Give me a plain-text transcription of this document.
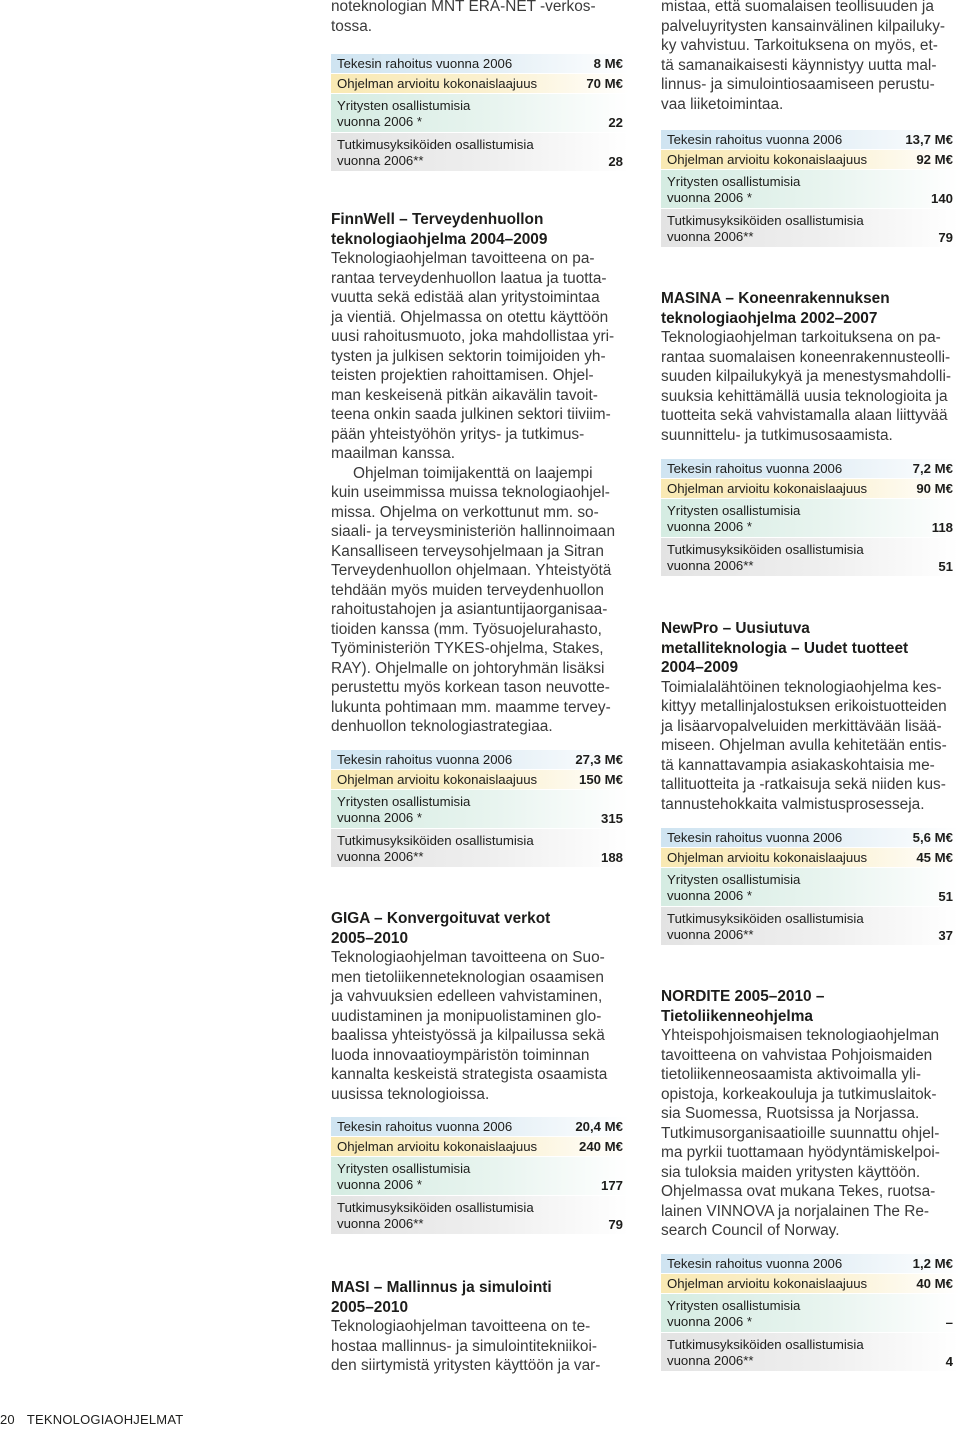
noteknologian MNT ERA-NET -verkos-
tossa.

Tekesin rahoitus vuonna 2006	8 M€
Ohjelman arvioitu kokonaislaajuus	70 M€
Yritysten osallistumisia
vuonna 2006 *	22
Tutkimusyksiköiden osallistumisia
vuonna 2006**	28

FinnWell – Terveydenhuollon
teknologiaohjelma 2004–2009

Teknologiaohjelman tavoitteena on pa-
rantaa terveydenhuollon laatua ja tuotta-
vuutta sekä edistää alan yritystoimintaa
ja vientiä. Ohjelmassa on otettu käyttöön
uusi rahoitusmuoto, joka mahdollistaa yri-
tysten ja julkisen sektorin toimijoiden yh-
teisten projektien rahoittamisen. Ohjel-
man keskeisenä pitkän aikavälin tavoit-
teena onkin saada julkinen sektori tiiviim-
pään yhteistyöhön yritys- ja tutkimus-
maailman kanssa.

Ohjelman toimijakenttä on laajempi
kuin useimmissa muissa teknologiaohjel-
missa. Ohjelma on verkottunut mm. so-
siaali- ja terveysministeriön hallinnoimaan
Kansalliseen terveysohjelmaan ja Sitran
Terveydenhuollon ohjelmaan. Yhteistyötä
tehdään myös muiden terveydenhuollon
rahoitustahojen ja asiantuntijaorganisaa-
tioiden kanssa (mm. Työsuojelurahasto,
Työministeriön TYKES-ohjelma, Stakes,
RAY). Ohjelmalle on johtoryhmän lisäksi
perustettu myös korkean tason neuvotte-
lukunta pohtimaan mm. maamme tervey-
denhuollon teknologiastrategiaa.

Tekesin rahoitus vuonna 2006	27,3 M€
Ohjelman arvioitu kokonaislaajuus	150 M€
Yritysten osallistumisia
vuonna 2006 *	315
Tutkimusyksiköiden osallistumisia
vuonna 2006**	188

GIGA – Konvergoituvat verkot
2005–2010

Teknologiaohjelman tavoitteena on Suo-
men tietoliikenneteknologian osaamisen
ja vahvuuksien edelleen vahvistaminen,
uudistaminen ja monipuolistaminen glo-
baalissa yhteistyössä ja kilpailussa sekä
luoda innovaatioympäristön toiminnan
kannalta keskeistä strategista osaamista
uusissa teknologioissa.

Tekesin rahoitus vuonna 2006	20,4 M€
Ohjelman arvioitu kokonaislaajuus	240 M€
Yritysten osallistumisia
vuonna 2006 *	177
Tutkimusyksiköiden osallistumisia
vuonna 2006**	79

MASI – Mallinnus ja simulointi
2005–2010

Teknologiaohjelman tavoitteena on te-
hostaa mallinnus- ja simulointitekniikoi-
den siirtymistä yritysten käyttöön ja var-

mistaa, että suomalaisen teollisuuden ja
palveluyritysten kansainvälinen kilpailuky-
ky vahvistuu. Tarkoituksena on myös, et-
tä samanaikaisesti käynnistyy uutta mal-
linnus- ja simulointiosaamiseen perustu-
vaa liiketoimintaa.

Tekesin rahoitus vuonna 2006	13,7 M€
Ohjelman arvioitu kokonaislaajuus	92 M€
Yritysten osallistumisia
vuonna 2006 *	140
Tutkimusyksiköiden osallistumisia
vuonna 2006**	79

MASINA – Koneenrakennuksen
teknologiaohjelma 2002–2007

Teknologiaohjelman tarkoituksena on pa-
rantaa suomalaisen koneenrakennusteolli-
suuden kilpailukykyä ja menestysmahdolli-
suuksia kehittämällä uusia teknologioita ja
tuotteita sekä vahvistamalla alaan liittyvää
suunnittelu- ja tutkimusosaamista.

Tekesin rahoitus vuonna 2006	7,2 M€
Ohjelman arvioitu kokonaislaajuus	90 M€
Yritysten osallistumisia
vuonna 2006 *	118
Tutkimusyksiköiden osallistumisia
vuonna 2006**	51

NewPro – Uusiutuva
metalliteknologia – Uudet tuotteet
2004–2009

Toimialalähtöinen teknologiaohjelma kes-
kittyy metallinjalostuksen erikoistuotteiden
ja lisäarvopalveluiden merkittävään lisää-
miseen. Ohjelman avulla kehitetään entis-
tä kannattavampia asiakaskohtaisia me-
tallituotteita ja -ratkaisuja sekä niiden kus-
tannustehokkaita valmistusprosesseja.

Tekesin rahoitus vuonna 2006	5,6 M€
Ohjelman arvioitu kokonaislaajuus	45 M€
Yritysten osallistumisia
vuonna 2006 *	51
Tutkimusyksiköiden osallistumisia
vuonna 2006**	37

NORDITE 2005–2010 –
Tietoliikenneohjelma

Yhteispohjoismaisen teknologiaohjelman
tavoitteena on vahvistaa Pohjoismaiden
tietoliikenneosaamista aktivoimalla yli-
opistoja, korkeakouluja ja tutkimuslaitok-
sia Suomessa, Ruotsissa ja Norjassa.
Tutkimusorganisaatioille suunnattu ohjel-
ma pyrkii tuottamaan hyödyntämiskelpoi-
sia tuloksia maiden yritysten käyttöön.
Ohjelmassa ovat mukana Tekes, ruotsa-
lainen VINNOVA ja norjalainen The Re-
search Council of Norway.

Tekesin rahoitus vuonna 2006	1,2 M€
Ohjelman arvioitu kokonaislaajuus	40 M€
Yritysten osallistumisia
vuonna 2006 *	–
Tutkimusyksiköiden osallistumisia
vuonna 2006**	4
20 TEKNOLOGIAOHJELMAT
